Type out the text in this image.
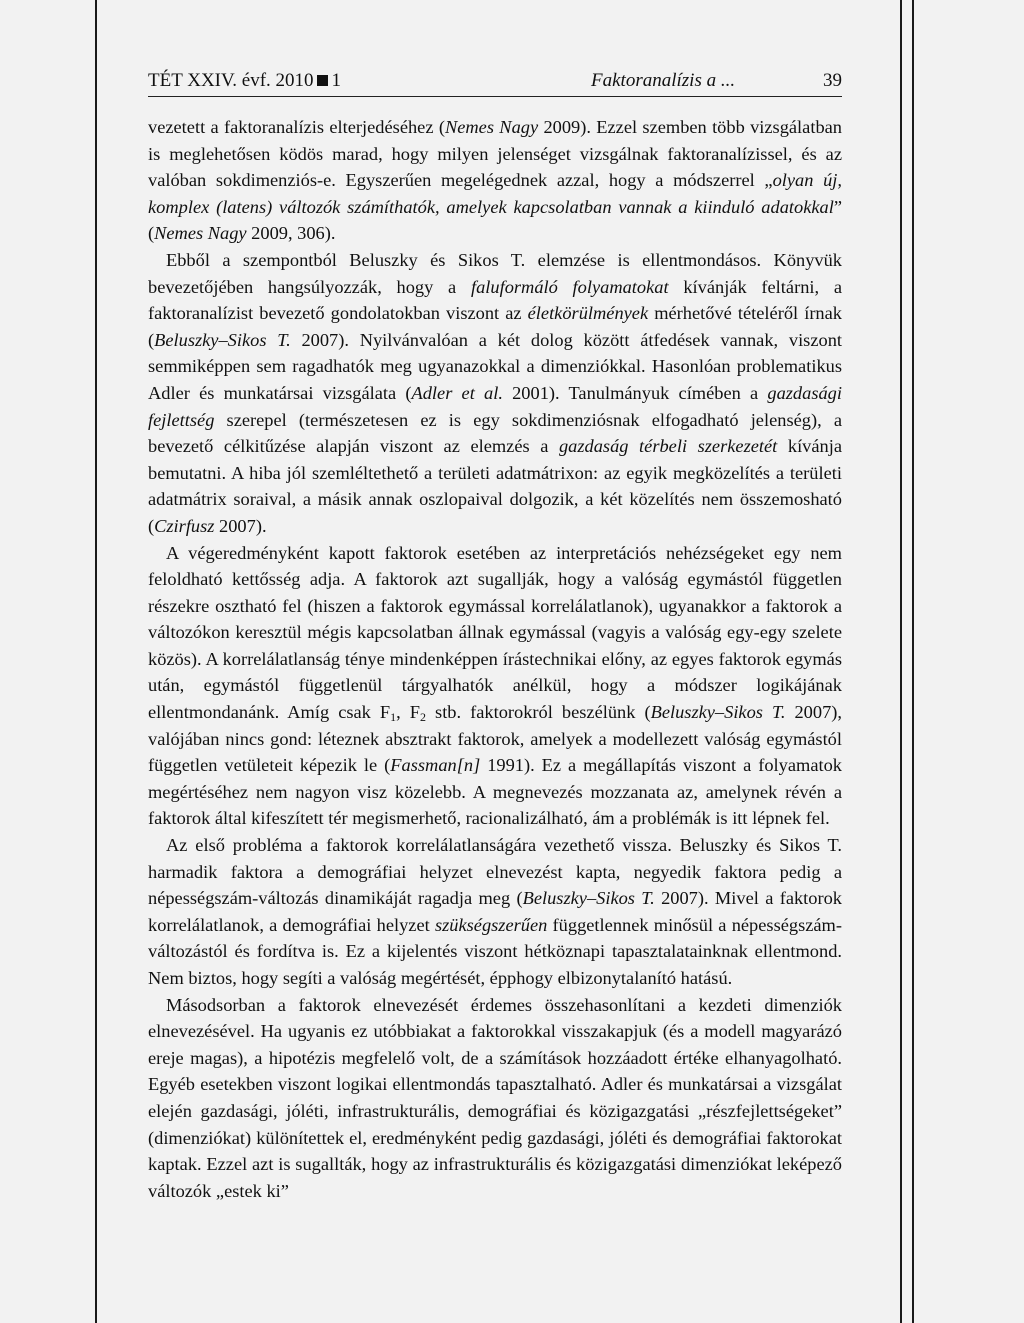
TÉT XXIV. évf. 2010 1	Faktoranalízis a ...	39

vezetett a faktoranalízis elterjedéséhez (Nemes Nagy 2009). Ezzel szemben több vizsgálatban is meglehetősen ködös marad, hogy milyen jelenséget vizsgálnak faktoranalízissel, és az valóban sokdimenziós-e. Egyszerűen megelégednek azzal, hogy a módszerrel „olyan új, komplex (latens) változók számíthatók, amelyek kapcsolatban vannak a kiinduló adatokkal” (Nemes Nagy 2009, 306).

Ebből a szempontból Beluszky és Sikos T. elemzése is ellentmondásos. Könyvük bevezetőjében hangsúlyozzák, hogy a faluformáló folyamatokat kívánják feltárni, a faktoranalízist bevezető gondolatokban viszont az életkörülmények mérhetővé tételéről írnak (Beluszky–Sikos T. 2007). Nyilvánvalóan a két dolog között átfedések vannak, viszont semmiképpen sem ragadhatók meg ugyanazokkal a dimenziókkal. Hasonlóan problematikus Adler és munkatársai vizsgálata (Adler et al. 2001). Tanulmányuk címében a gazdasági fejlettség szerepel (természetesen ez is egy sokdimenziósnak elfogadható jelenség), a bevezető célkitűzése alapján viszont az elemzés a gazdaság térbeli szerkezetét kívánja bemutatni. A hiba jól szemléltethető a területi adatmátrixon: az egyik megközelítés a területi adatmátrix soraival, a másik annak oszlopaival dolgozik, a két közelítés nem összemosható (Czirfusz 2007).

A végeredményként kapott faktorok esetében az interpretációs nehézségeket egy nem feloldható kettősség adja. A faktorok azt sugallják, hogy a valóság egymástól független részekre osztható fel (hiszen a faktorok egymással korrelálatlanok), ugyanakkor a faktorok a változókon keresztül mégis kapcsolatban állnak egymással (vagyis a valóság egy-egy szelete közös). A korrelálatlanság ténye mindenképpen írástechnikai előny, az egyes faktorok egymás után, egymástól függetlenül tárgyalhatók anélkül, hogy a módszer logikájának ellentmondanánk. Amíg csak $F_1$, $F_2$ stb. faktorokról beszélünk (Beluszky–Sikos T. 2007), valójában nincs gond: léteznek absztrakt faktorok, amelyek a modellezett valóság egymástól független vetületeit képezik le (Fassman[n] 1991). Ez a megállapítás viszont a folyamatok megértéséhez nem nagyon visz közelebb. A megnevezés mozzanata az, amelynek révén a faktorok által kifeszített tér megismerhető, racionalizálható, ám a problémák is itt lépnek fel.

Az első probléma a faktorok korrelálatlanságára vezethető vissza. Beluszky és Sikos T. harmadik faktora a demográfiai helyzet elnevezést kapta, negyedik faktora pedig a népességszám-változás dinamikáját ragadja meg (Beluszky–Sikos T. 2007). Mivel a faktorok korrelálatlanok, a demográfiai helyzet szükségszerűen függetlennek minősül a népességszám-változástól és fordítva is. Ez a kijelentés viszont hétköznapi tapasztalatainknak ellentmond. Nem biztos, hogy segíti a valóság megértését, épphogy elbizonytalanító hatású.

Másodsorban a faktorok elnevezését érdemes összehasonlítani a kezdeti dimenziók elnevezésével. Ha ugyanis ez utóbbiakat a faktorokkal visszakapjuk (és a modell magyarázó ereje magas), a hipotézis megfelelő volt, de a számítások hozzáadott értéke elhanyagolható. Egyéb esetekben viszont logikai ellentmondás tapasztalható. Adler és munkatársai a vizsgálat elején gazdasági, jóléti, infrastrukturális, demográfiai és közigazgatási „részfejlettségeket” (dimenziókat) különítettek el, eredményként pedig gazdasági, jóléti és demográfiai faktorokat kaptak. Ezzel azt is sugallták, hogy az infrastrukturális és közigazgatási dimenziókat leképező változók „estek ki”
